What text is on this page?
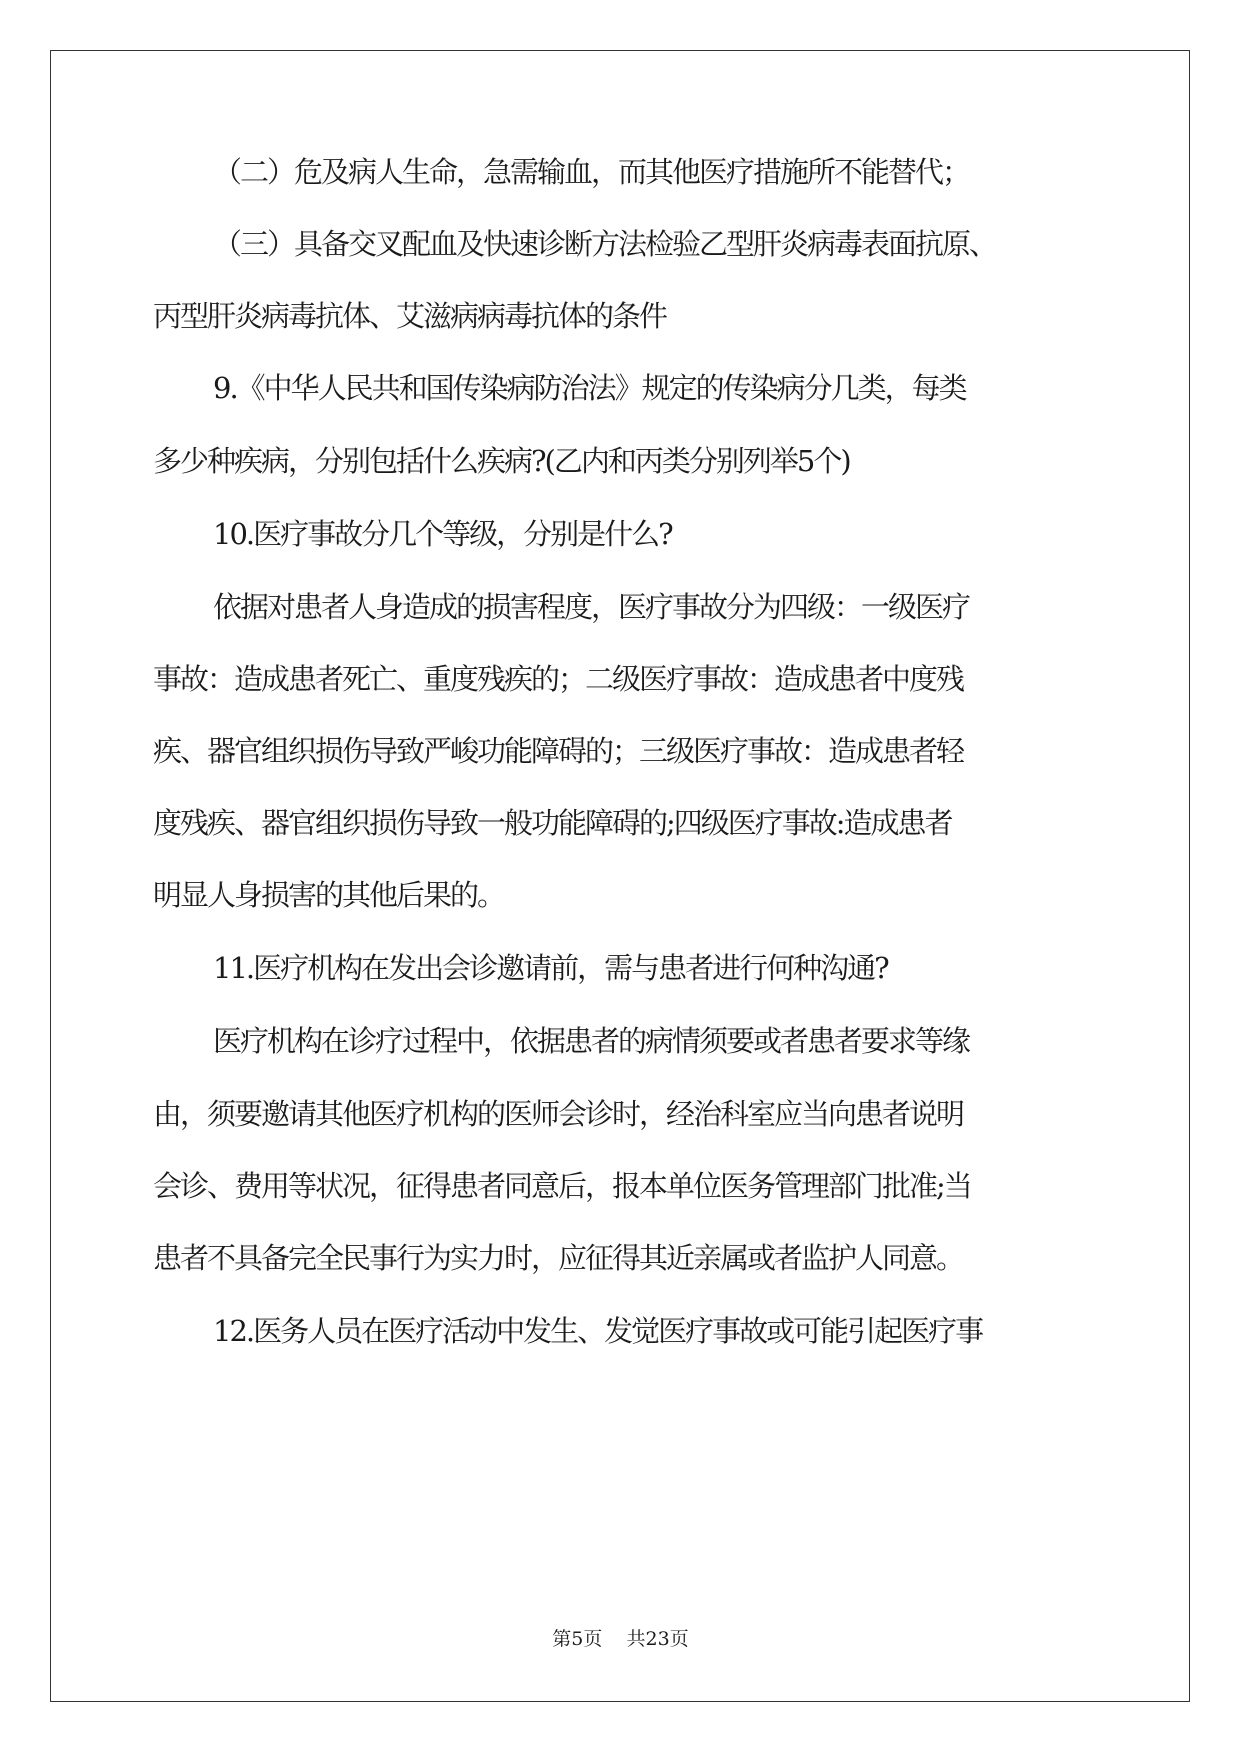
（二）危及病人生命，急需输血，而其他医疗措施所不能替代；
（三）具备交叉配血及快速诊断方法检验乙型肝炎病毒表面抗原、
丙型肝炎病毒抗体、艾滋病病毒抗体的条件
9.《中华人民共和国传染病防治法》规定的传染病分几类，每类
多少种疾病，分别包括什么疾病?(乙内和丙类分别列举5个)
10.医疗事故分几个等级，分别是什么?
依据对患者人身造成的损害程度，医疗事故分为四级：一级医疗
事故：造成患者死亡、重度残疾的；二级医疗事故：造成患者中度残
疾、器官组织损伤导致严峻功能障碍的；三级医疗事故：造成患者轻
度残疾、器官组织损伤导致一般功能障碍的;四级医疗事故:造成患者
明显人身损害的其他后果的。
11.医疗机构在发出会诊邀请前，需与患者进行何种沟通?
医疗机构在诊疗过程中，依据患者的病情须要或者患者要求等缘
由，须要邀请其他医疗机构的医师会诊时，经治科室应当向患者说明
会诊、费用等状况，征得患者同意后，报本单位医务管理部门批准;当
患者不具备完全民事行为实力时，应征得其近亲属或者监护人同意。
12.医务人员在医疗活动中发生、发觉医疗事故或可能引起医疗事
第5页    共23页
